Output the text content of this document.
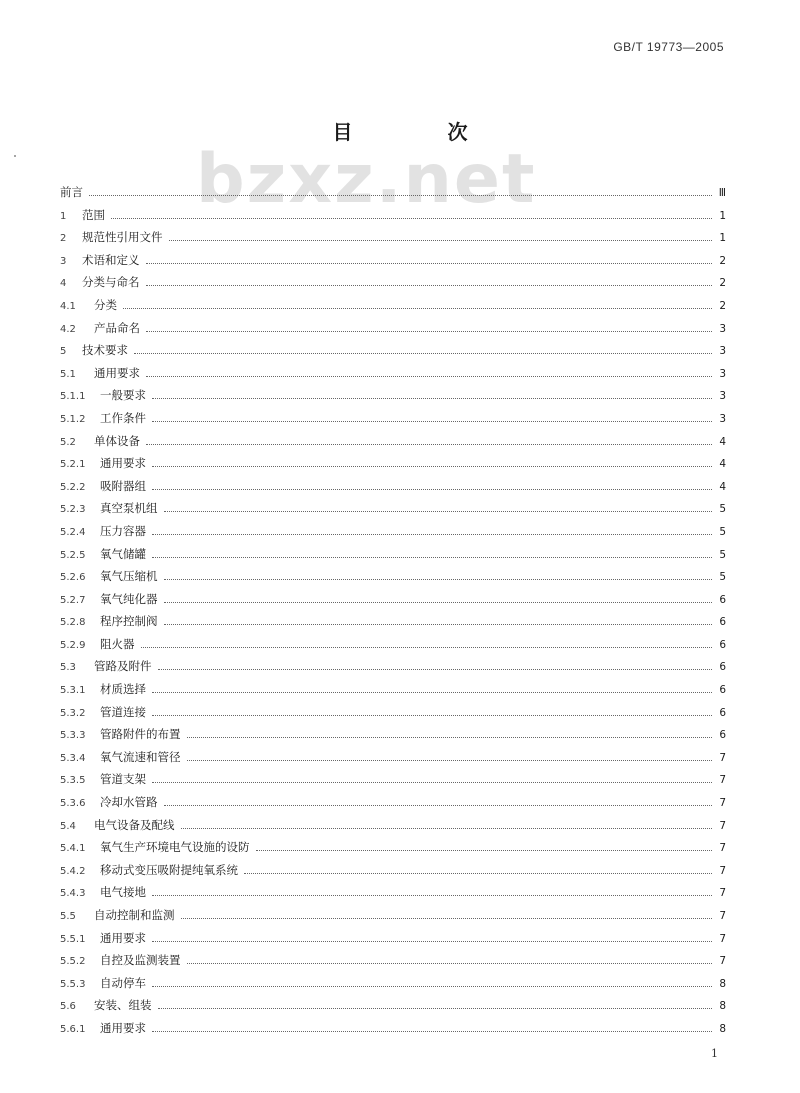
GB/T 19773—2005
bzxz.net
目 次
前言	Ⅲ
1	范围	1
2	规范性引用文件	1
3	术语和定义	2
4	分类与命名	2
4.1	分类	2
4.2	产品命名	3
5	技术要求	3
5.1	通用要求	3
5.1.1	一般要求	3
5.1.2	工作条件	3
5.2	单体设备	4
5.2.1	通用要求	4
5.2.2	吸附器组	4
5.2.3	真空泵机组	5
5.2.4	压力容器	5
5.2.5	氧气储罐	5
5.2.6	氧气压缩机	5
5.2.7	氧气纯化器	6
5.2.8	程序控制阀	6
5.2.9	阻火器	6
5.3	管路及附件	6
5.3.1	材质选择	6
5.3.2	管道连接	6
5.3.3	管路附件的布置	6
5.3.4	氧气流速和管径	7
5.3.5	管道支架	7
5.3.6	冷却水管路	7
5.4	电气设备及配线	7
5.4.1	氧气生产环境电气设施的设防	7
5.4.2	移动式变压吸附提纯氧系统	7
5.4.3	电气接地	7
5.5	自动控制和监测	7
5.5.1	通用要求	7
5.5.2	自控及监测装置	7
5.5.3	自动停车	8
5.6	安装、组装	8
5.6.1	通用要求	8
1
